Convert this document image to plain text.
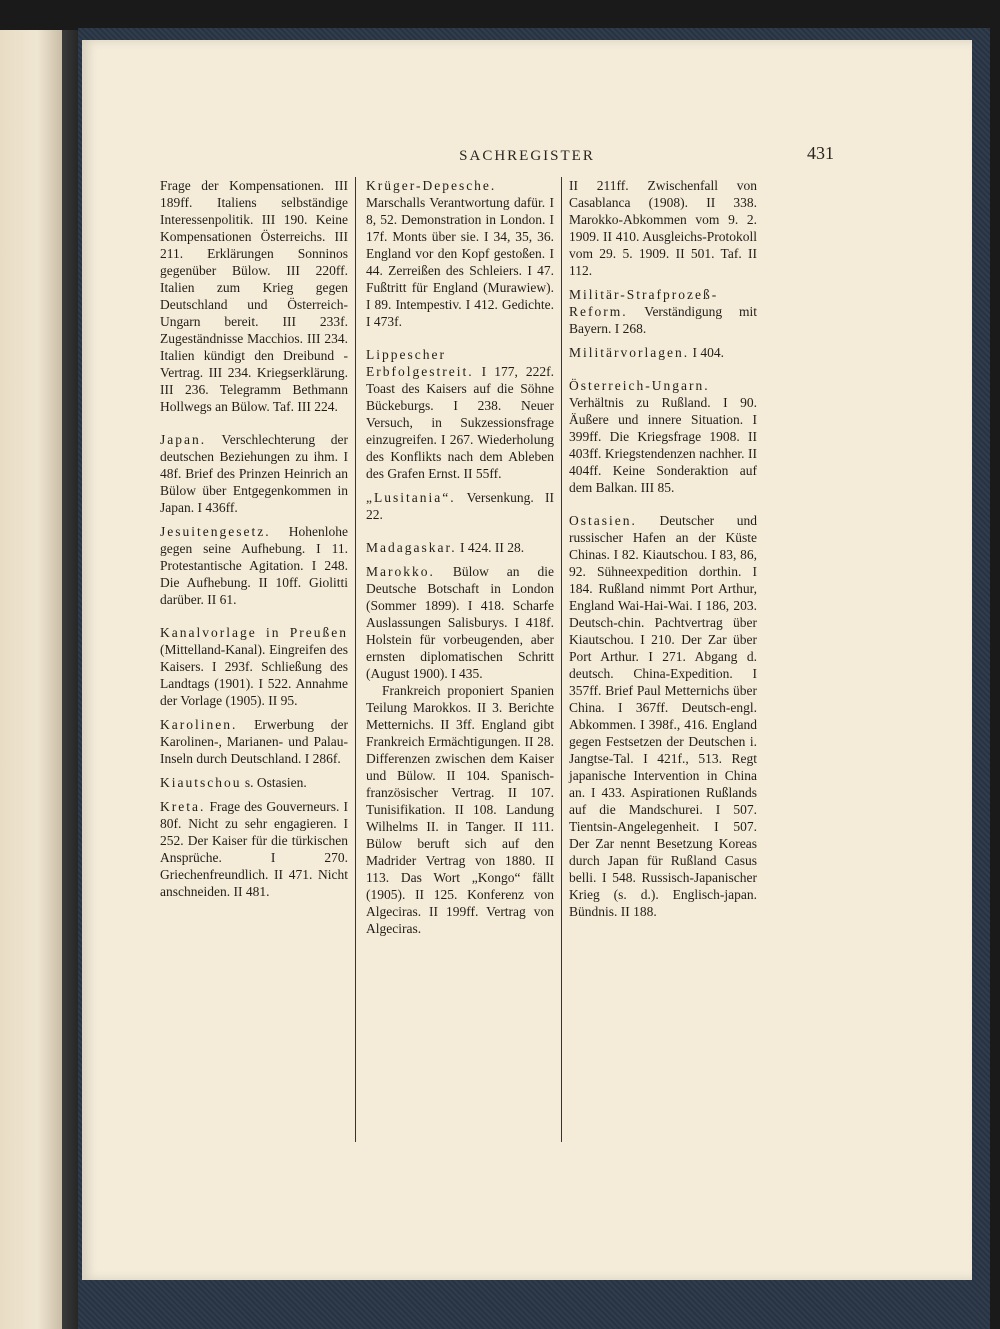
SACHREGISTER	431

Frage der Kompensationen. III 189ff. Italiens selbständige Interessenpolitik. III 190. Keine Kompensationen Österreichs. III 211. Erklärungen Sonninos gegenüber Bülow. III 220ff. Italien zum Krieg gegen Deutschland und Österreich-Ungarn bereit. III 233f. Zugeständnisse Macchios. III 234. Italien kündigt den Dreibund - Vertrag. III 234. Kriegserklärung. III 236. Telegramm Bethmann Hollwegs an Bülow. Taf. III 224.

Japan. Verschlechterung der deutschen Beziehungen zu ihm. I 48f. Brief des Prinzen Heinrich an Bülow über Entgegenkommen in Japan. I 436ff.

Jesuitengesetz. Hohenlohe gegen seine Aufhebung. I 11. Protestantische Agitation. I 248. Die Aufhebung. II 10ff. Giolitti darüber. II 61.

Kanalvorlage in Preußen (Mittelland-Kanal). Eingreifen des Kaisers. I 293f. Schließung des Landtags (1901). I 522. Annahme der Vorlage (1905). II 95.

Karolinen. Erwerbung der Karolinen-, Marianen- und Palau-Inseln durch Deutschland. I 286f.

Kiautschou s. Ostasien.

Kreta. Frage des Gouverneurs. I 80f. Nicht zu sehr engagieren. I 252. Der Kaiser für die türkischen Ansprüche. I 270. Griechenfreundlich. II 471. Nicht anschneiden. II 481.

Krüger-Depesche. Marschalls Verantwortung dafür. I 8, 52. Demonstration in London. I 17f. Monts über sie. I 34, 35, 36. England vor den Kopf gestoßen. I 44. Zerreißen des Schleiers. I 47. Fußtritt für England (Murawiew). I 89. Intempestiv. I 412. Gedichte. I 473f.

Lippescher Erbfolgestreit. I 177, 222f. Toast des Kaisers auf die Söhne Bückeburgs. I 238. Neuer Versuch, in Sukzessionsfrage einzugreifen. I 267. Wiederholung des Konflikts nach dem Ableben des Grafen Ernst. II 55ff.

„Lusitania“. Versenkung. II 22.

Madagaskar. I 424. II 28.

Marokko. Bülow an die Deutsche Botschaft in London (Sommer 1899). I 418. Scharfe Auslassungen Salisburys. I 418f. Holstein für vorbeugenden, aber ernsten diplomatischen Schritt (August 1900). I 435.
Frankreich proponiert Spanien Teilung Marokkos. II 3. Berichte Metternichs. II 3ff. England gibt Frankreich Ermächtigungen. II 28. Differenzen zwischen dem Kaiser und Bülow. II 104. Spanisch-französischer Vertrag. II 107. Tunisifikation. II 108. Landung Wilhelms II. in Tanger. II 111. Bülow beruft sich auf den Madrider Vertrag von 1880. II 113. Das Wort „Kongo“ fällt (1905). II 125. Konferenz von Algeciras. II 199ff. Vertrag von Algeciras.

II 211ff. Zwischenfall von Casablanca (1908). II 338. Marokko-Abkommen vom 9. 2. 1909. II 410. Ausgleichs-Protokoll vom 29. 5. 1909. II 501. Taf. II 112.

Militär-Strafprozeß-Reform. Verständigung mit Bayern. I 268.

Militärvorlagen. I 404.

Österreich-Ungarn. Verhältnis zu Rußland. I 90. Äußere und innere Situation. I 399ff. Die Kriegsfrage 1908. II 403ff. Kriegstendenzen nachher. II 404ff. Keine Sonderaktion auf dem Balkan. III 85.

Ostasien. Deutscher und russischer Hafen an der Küste Chinas. I 82. Kiautschou. I 83, 86, 92. Sühneexpedition dorthin. I 184. Rußland nimmt Port Arthur, England Wai-Hai-Wai. I 186, 203. Deutsch-chin. Pachtvertrag über Kiautschou. I 210. Der Zar über Port Arthur. I 271. Abgang d. deutsch. China-Expedition. I 357ff. Brief Paul Metternichs über China. I 367ff. Deutsch-engl. Abkommen. I 398f., 416. England gegen Festsetzen der Deutschen i. Jangtse-Tal. I 421f., 513. Regt japanische Intervention in China an. I 433. Aspirationen Rußlands auf die Mandschurei. I 507. Tientsin-Angelegenheit. I 507. Der Zar nennt Besetzung Koreas durch Japan für Rußland Casus belli. I 548. Russisch-Japanischer Krieg (s. d.). Englisch-japan. Bündnis. II 188.
